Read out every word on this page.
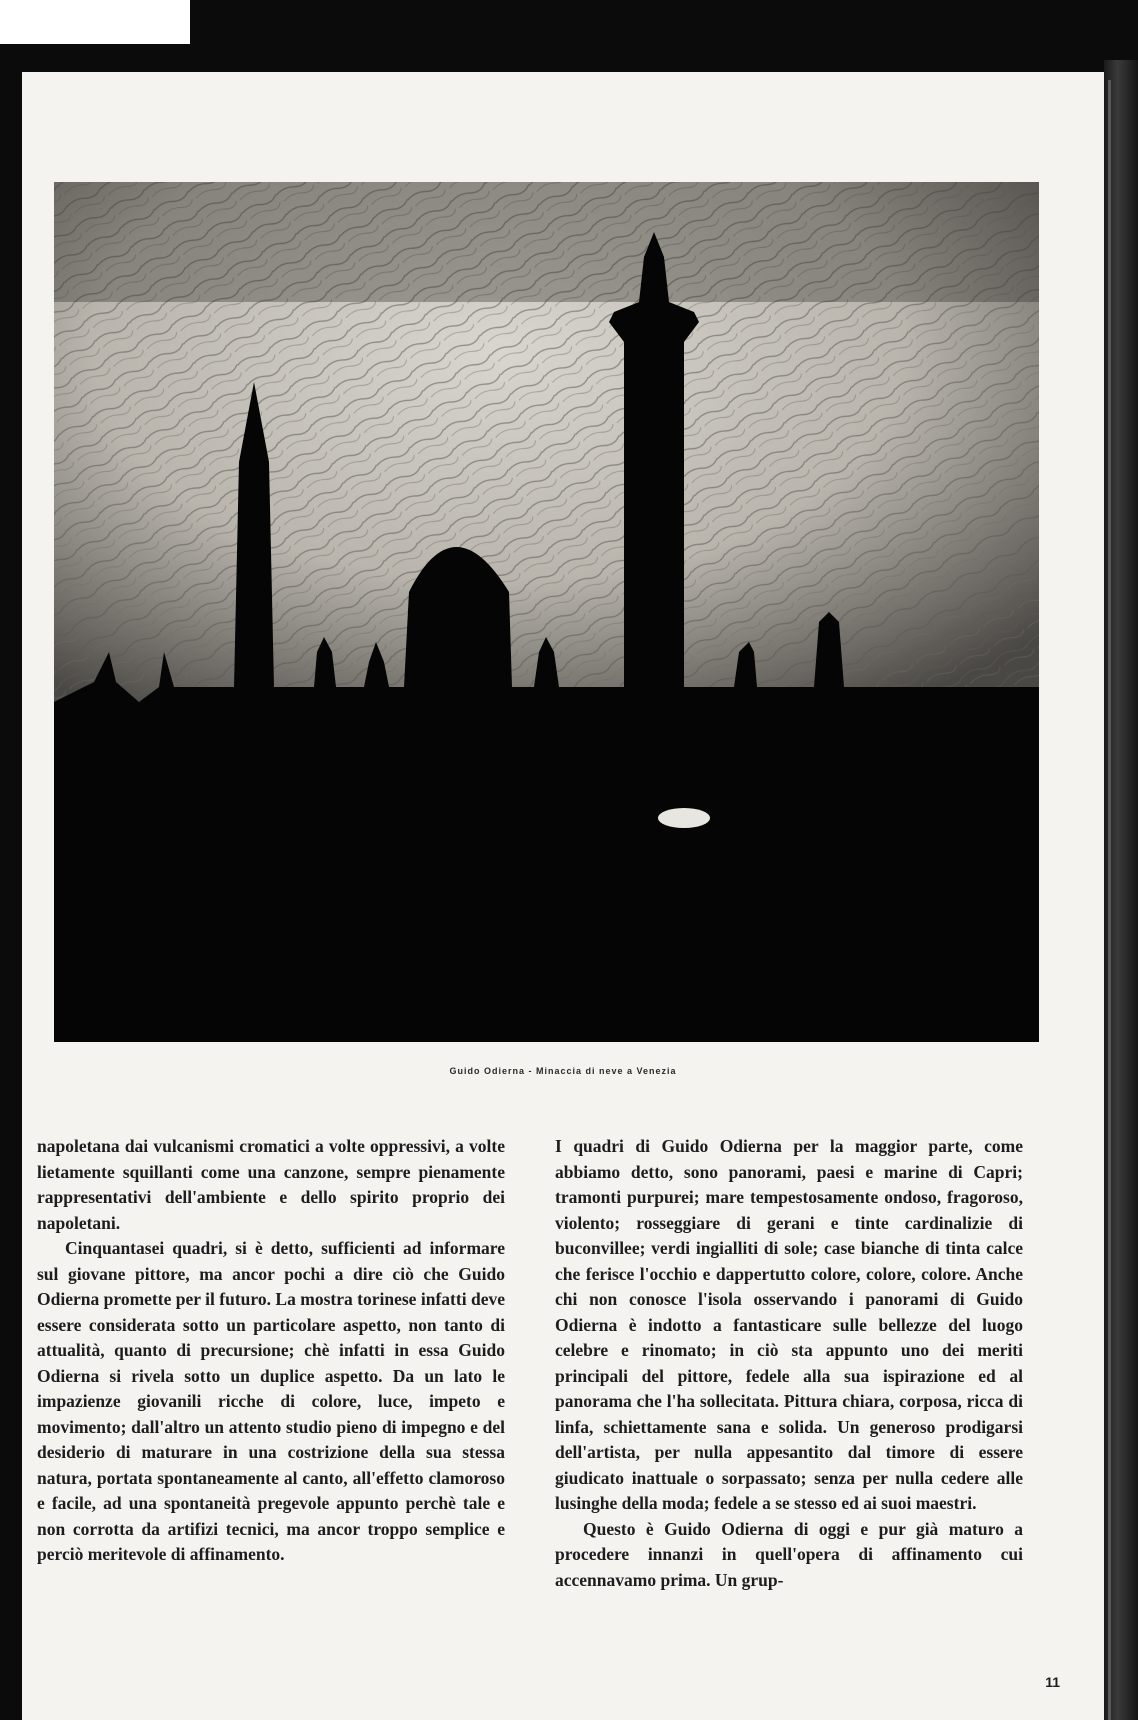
Guido Odierna - Minaccia di neve a Venezia

napoletana dai vulcanismi cromatici a volte oppressivi, a volte lietamente squillanti come una canzone, sempre pienamente rappresentativi dell'ambiente e dello spirito proprio dei napoletani.

Cinquantasei quadri, si è detto, sufficienti ad informare sul giovane pittore, ma ancor pochi a dire ciò che Guido Odierna promette per il futuro. La mostra torinese infatti deve essere considerata sotto un particolare aspetto, non tanto di attualità, quanto di precursione; chè infatti in essa Guido Odierna si rivela sotto un duplice aspetto. Da un lato le impazienze giovanili ricche di colore, luce, impeto e movimento; dall'altro un attento studio pieno di impegno e del desiderio di maturare in una costrizione della sua stessa natura, portata spontaneamente al canto, all'effetto clamoroso e facile, ad una spontaneità pregevole appunto perchè tale e non corrotta da artifizi tecnici, ma ancor troppo semplice e perciò meritevole di affinamento.

I quadri di Guido Odierna per la maggior parte, come abbiamo detto, sono panorami, paesi e marine di Capri; tramonti purpurei; mare tempestosamente ondoso, fragoroso, violento; rosseggiare di gerani e tinte cardinalizie di buconvillee; verdi ingialliti di sole; case bianche di tinta calce che ferisce l'occhio e dappertutto colore, colore, colore. Anche chi non conosce l'isola osservando i panorami di Guido Odierna è indotto a fantasticare sulle bellezze del luogo celebre e rinomato; in ciò sta appunto uno dei meriti principali del pittore, fedele alla sua ispirazione ed al panorama che l'ha sollecitata. Pittura chiara, corposa, ricca di linfa, schiettamente sana e solida. Un generoso prodigarsi dell'artista, per nulla appesantito dal timore di essere giudicato inattuale o sorpassato; senza per nulla cedere alle lusinghe della moda; fedele a se stesso ed ai suoi maestri.

Questo è Guido Odierna di oggi e pur già maturo a procedere innanzi in quell'opera di affinamento cui accennavamo prima. Un grup-

11
